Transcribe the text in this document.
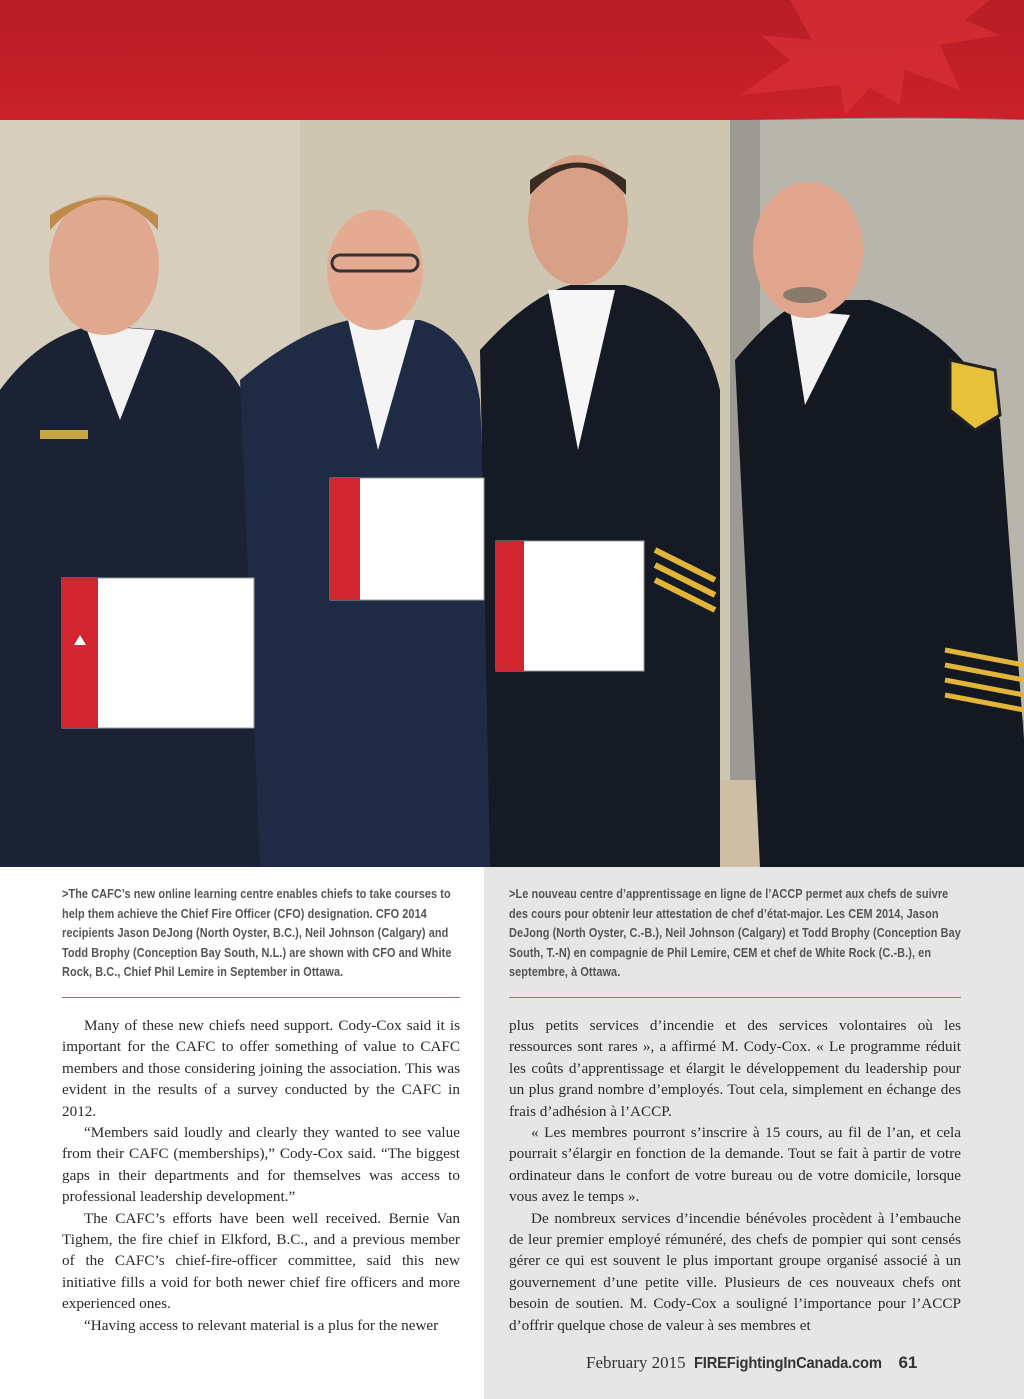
>The CAFC’s new online learning centre enables chiefs to take courses to help them achieve the Chief Fire Officer (CFO) designation. CFO 2014 recipients Jason DeJong (North Oyster, B.C.), Neil Johnson (Calgary) and Todd Brophy (Conception Bay South, N.L.) are shown with CFO and White Rock, B.C., Chief Phil Lemire in September in Ottawa.
>Le nouveau centre d’apprentissage en ligne de l’ACCP permet aux chefs de suivre des cours pour obtenir leur attestation de chef d’état-major. Les CEM 2014, Jason DeJong (North Oyster, C.-B.), Neil Johnson (Calgary) et Todd Brophy (Conception Bay South, T.-N) en compagnie de Phil Lemire, CEM et chef de White Rock (C.-B.), en septembre, à Ottawa.

Many of these new chiefs need support. Cody-Cox said it is important for the CAFC to offer something of value to CAFC members and those considering joining the association. This was evident in the results of a survey conducted by the CAFC in 2012.

“Members said loudly and clearly they wanted to see value from their CAFC (memberships),” Cody-Cox said. “The biggest gaps in their departments and for themselves was access to professional leadership development.”

The CAFC’s efforts have been well received. Bernie Van Tighem, the fire chief in Elkford, B.C., and a previous member of the CAFC’s chief-fire-officer committee, said this new initiative fills a void for both newer chief fire officers and more experienced ones.

“Having access to relevant material is a plus for the newer

plus petits services d’incendie et des services volontaires où les ressources sont rares », a affirmé M. Cody-Cox. « Le programme réduit les coûts d’apprentissage et élargit le développement du leadership pour un plus grand nombre d’employés. Tout cela, simplement en échange des frais d’adhésion à l’ACCP.

« Les membres pourront s’inscrire à 15 cours, au fil de l’an, et cela pourrait s’élargir en fonction de la demande. Tout se fait à partir de votre ordinateur dans le confort de votre bureau ou de votre domicile, lorsque vous avez le temps ».

De nombreux services d’incendie bénévoles procèdent à l’embauche de leur premier employé rémunéré, des chefs de pompier qui sont censés gérer ce qui est souvent le plus important groupe organisé associé à un gouvernement d’une petite ville. Plusieurs de ces nouveaux chefs ont besoin de soutien. M. Cody-Cox a souligné l’importance pour l’ACCP d’offrir quelque chose de valeur à ses membres et

February 2015 FIREFightingInCanada.com 61
